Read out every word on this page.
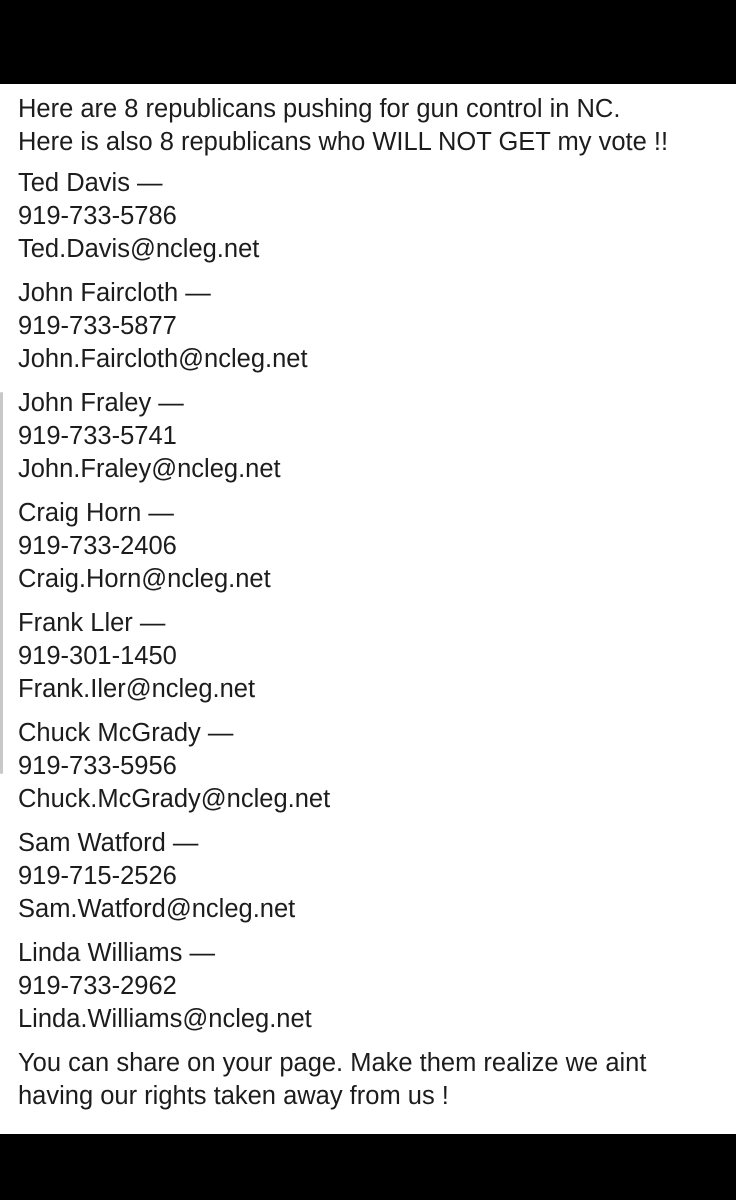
Here are 8 republicans pushing for gun control in NC.
Here is also 8 republicans who WILL NOT GET my vote !!
Ted Davis —
919-733-5786
Ted.Davis@ncleg.net
John Faircloth —
919-733-5877
John.Faircloth@ncleg.net
John Fraley —
919-733-5741
John.Fraley@ncleg.net
Craig Horn —
919-733-2406
Craig.Horn@ncleg.net
Frank Ller —
919-301-1450
Frank.Iler@ncleg.net
Chuck McGrady —
919-733-5956
Chuck.McGrady@ncleg.net
Sam Watford —
919-715-2526
Sam.Watford@ncleg.net
Linda Williams —
919-733-2962
Linda.Williams@ncleg.net
You can share on your page. Make them realize we aint
having our rights taken away from us !
